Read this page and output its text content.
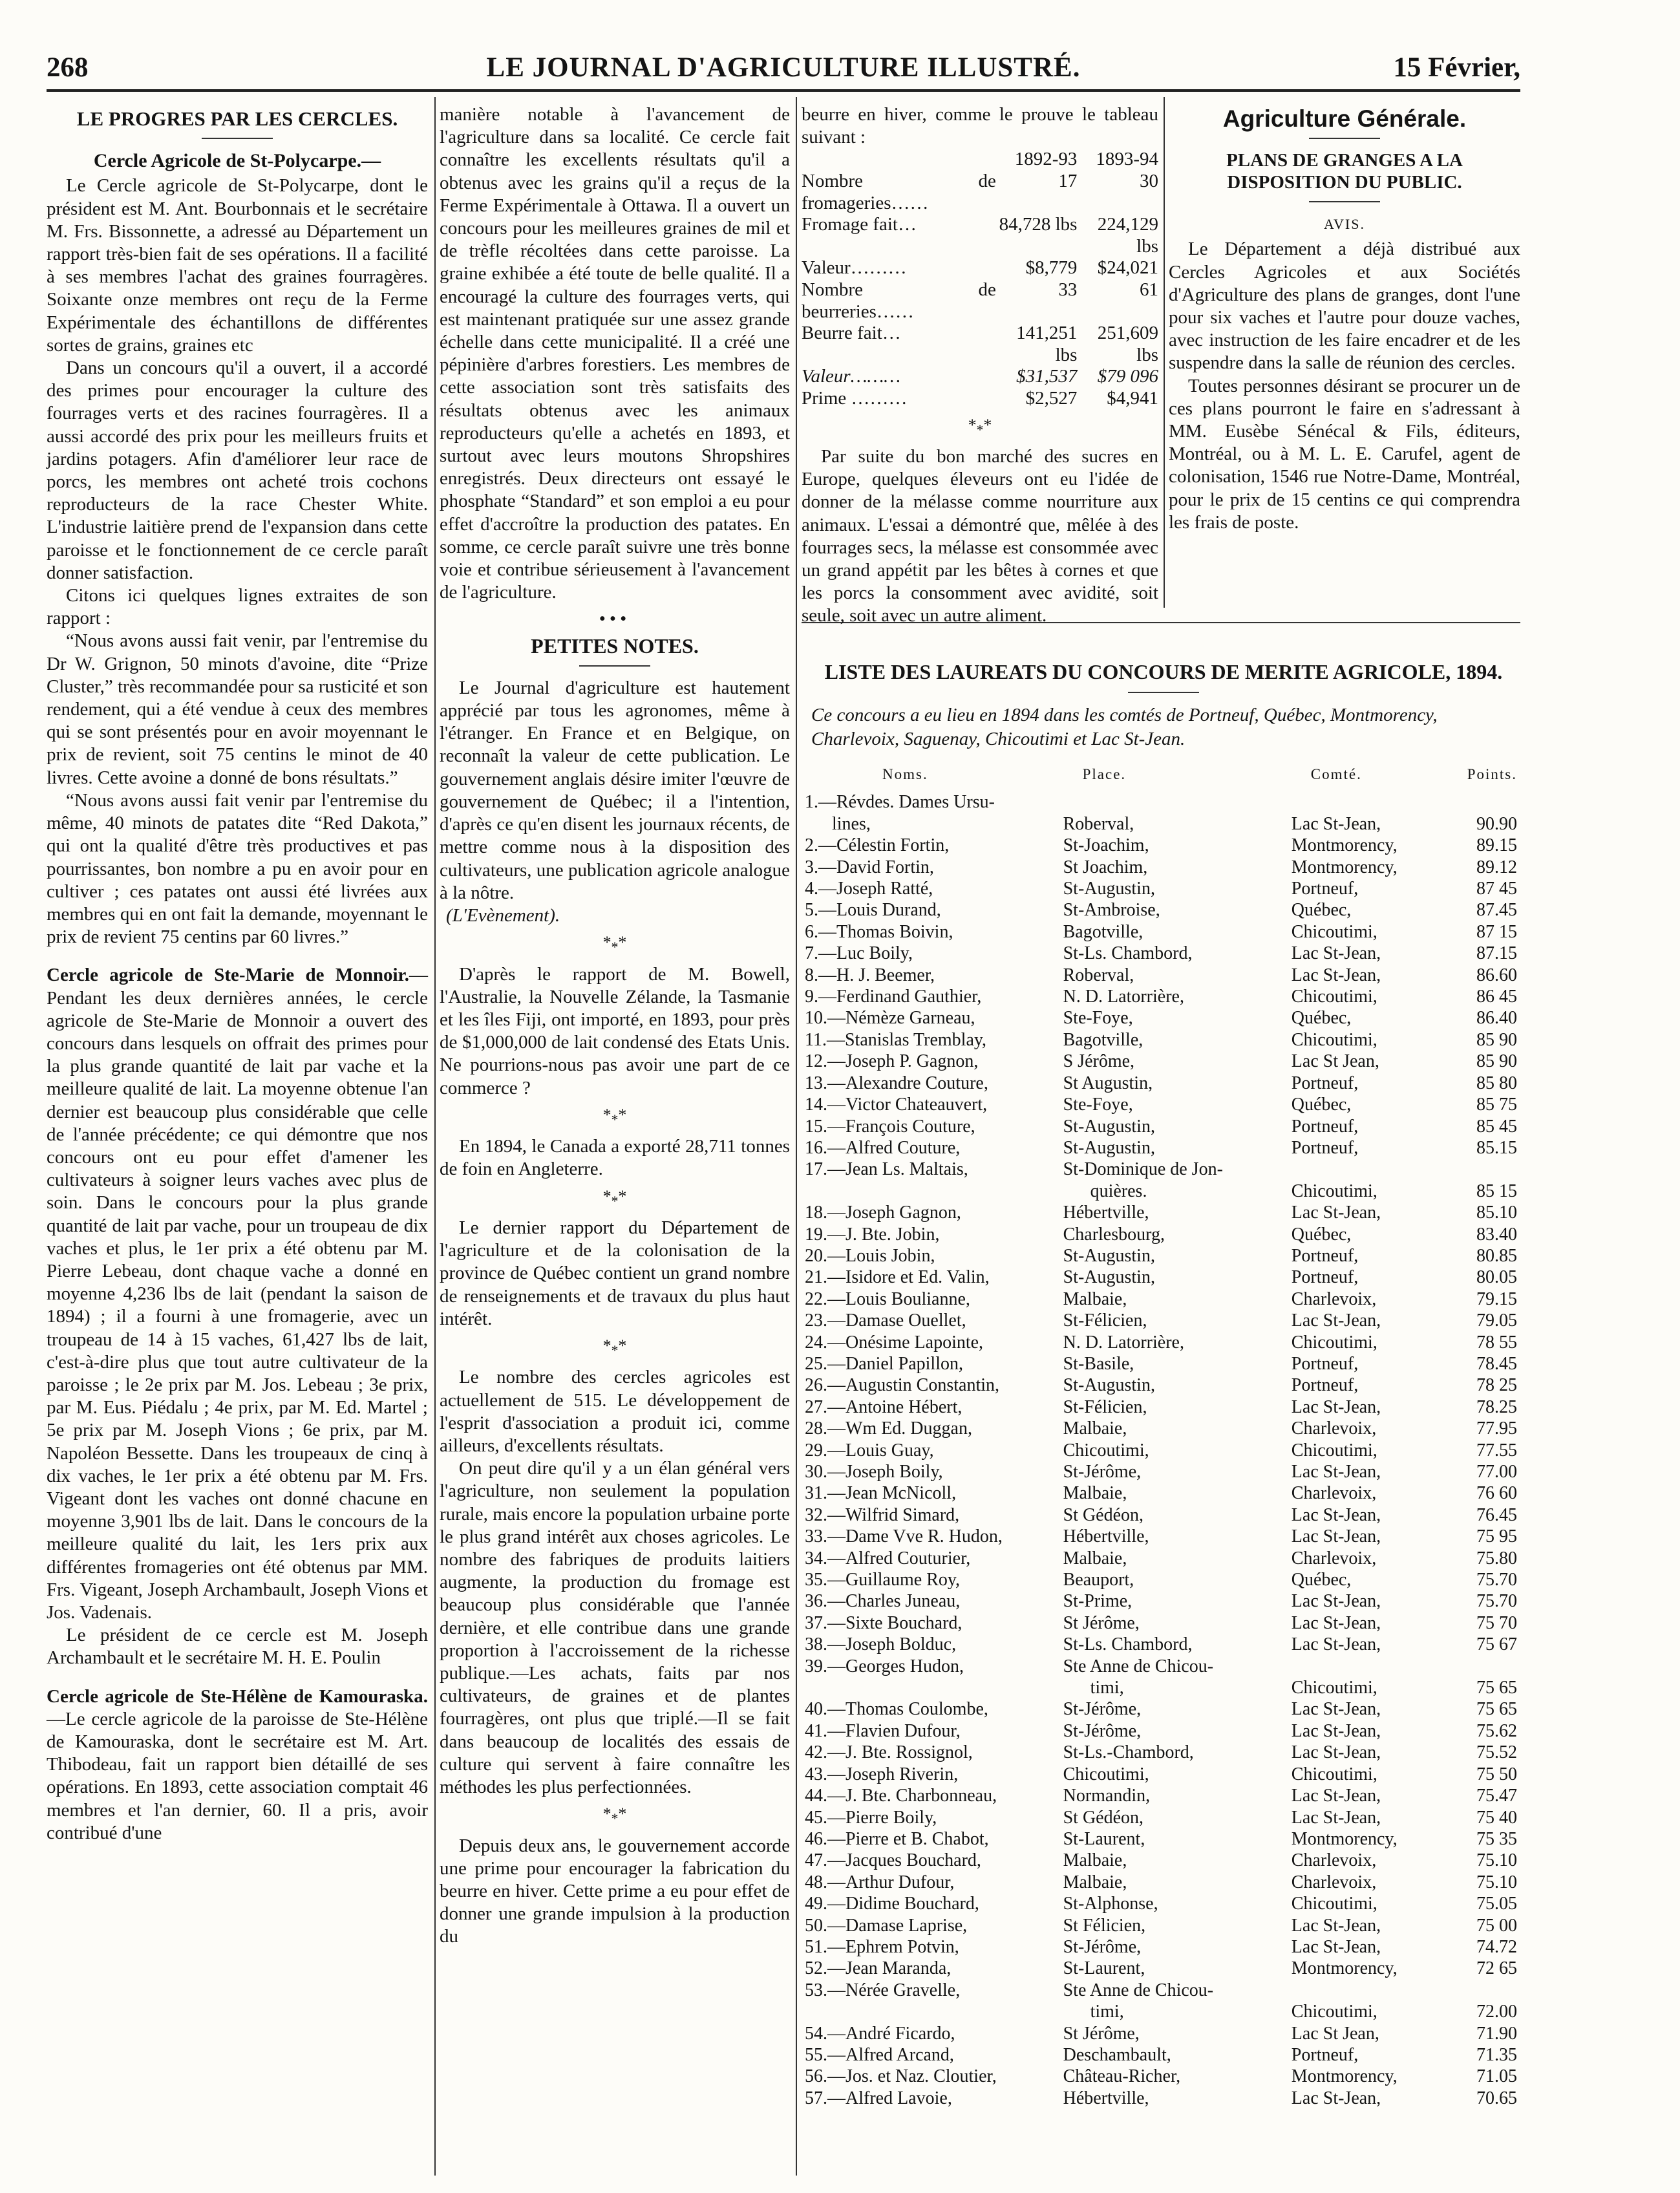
268	LE JOURNAL D'AGRICULTURE ILLUSTRÉ.	15 Février,
LE PROGRES PAR LES CERCLES.
Cercle Agricole de St-Polycarpe.—

Le Cercle agricole de St-Polycarpe, dont le président est M. Ant. Bourbonnais et le secrétaire M. Frs. Bissonnette, a adressé au Département un rapport très-bien fait de ses opérations. Il a facilité à ses membres l'achat des graines fourragères. Soixante onze membres ont reçu de la Ferme Expérimentale des échantillons de différentes sortes de grains, graines etc

Dans un concours qu'il a ouvert, il a accordé des primes pour encourager la culture des fourrages verts et des racines fourragères. Il a aussi accordé des prix pour les meilleurs fruits et jardins potagers. Afin d'améliorer leur race de porcs, les membres ont acheté trois cochons reproducteurs de la race Chester White. L'industrie laitière prend de l'expansion dans cette paroisse et le fonctionnement de ce cercle paraît donner satisfaction.

Citons ici quelques lignes extraites de son rapport :

“Nous avons aussi fait venir, par l'entremise du Dr W. Grignon, 50 minots d'avoine, dite “Prize Cluster,” très recommandée pour sa rusticité et son rendement, qui a été vendue à ceux des membres qui se sont présentés pour en avoir moyennant le prix de revient, soit 75 centins le minot de 40 livres. Cette avoine a donné de bons résultats.”

“Nous avons aussi fait venir par l'entremise du même, 40 minots de patates dite “Red Dakota,” qui ont la qualité d'être très productives et pas pourrissantes, bon nombre a pu en avoir pour en cultiver ; ces patates ont aussi été livrées aux membres qui en ont fait la demande, moyennant le prix de revient 75 centins par 60 livres.”

Cercle agricole de Ste-Marie de Monnoir.—Pendant les deux dernières années, le cercle agricole de Ste-Marie de Monnoir a ouvert des concours dans lesquels on offrait des primes pour la plus grande quantité de lait par vache et la meilleure qualité de lait. La moyenne obtenue l'an dernier est beaucoup plus considérable que celle de l'année précédente; ce qui démontre que nos concours ont eu pour effet d'amener les cultivateurs à soigner leurs vaches avec plus de soin. Dans le concours pour la plus grande quantité de lait par vache, pour un troupeau de dix vaches et plus, le 1er prix a été obtenu par M. Pierre Lebeau, dont chaque vache a donné en moyenne 4,236 lbs de lait (pendant la saison de 1894) ; il a fourni à une fromagerie, avec un troupeau de 14 à 15 vaches, 61,427 lbs de lait, c'est-à-dire plus que tout autre cultivateur de la paroisse ; le 2e prix par M. Jos. Lebeau ; 3e prix, par M. Eus. Piédalu ; 4e prix, par M. Ed. Martel ; 5e prix par M. Joseph Vions ; 6e prix, par M. Napoléon Bessette. Dans les troupeaux de cinq à dix vaches, le 1er prix a été obtenu par M. Frs. Vigeant dont les vaches ont donné chacune en moyenne 3,901 lbs de lait. Dans le concours de la meilleure qualité du lait, les 1ers prix aux différentes fromageries ont été obtenus par MM. Frs. Vigeant, Joseph Archambault, Joseph Vions et Jos. Vadenais.

Le président de ce cercle est M. Joseph Archambault et le secrétaire M. H. E. Poulin

Cercle agricole de Ste-Hélène de Kamouraska.—Le cercle agricole de la paroisse de Ste-Hélène de Kamouraska, dont le secrétaire est M. Art. Thibodeau, fait un rapport bien détaillé de ses opérations. En 1893, cette association comptait 46 membres et l'an dernier, 60. Il a pris, avoir contribué d'une

manière notable à l'avancement de l'agriculture dans sa localité. Ce cercle fait connaître les excellents résultats qu'il a obtenus avec les grains qu'il a reçus de la Ferme Expérimentale à Ottawa. Il a ouvert un concours pour les meilleures graines de mil et de trèfle récoltées dans cette paroisse. La graine exhibée a été toute de belle qualité. Il a encouragé la culture des fourrages verts, qui est maintenant pratiquée sur une assez grande échelle dans cette municipalité. Il a créé une pépinière d'arbres forestiers. Les membres de cette association sont très satisfaits des résultats obtenus avec les animaux reproducteurs qu'elle a achetés en 1893, et surtout avec leurs moutons Shropshires enregistrés. Deux directeurs ont essayé le phosphate “Standard” et son emploi a eu pour effet d'accroître la production des patates. En somme, ce cercle paraît suivre une très bonne voie et contribue sérieusement à l'avancement de l'agriculture.

•••
PETITES NOTES.

Le Journal d'agriculture est hautement apprécié par tous les agronomes, même à l'étranger. En France et en Belgique, on reconnaît la valeur de cette publication. Le gouvernement anglais désire imiter l'œuvre de gouvernement de Québec; il a l'intention, d'après ce qu'en disent les journaux récents, de mettre comme nous à la disposition des cultivateurs, une publication agricole analogue à la nôtre.

(L'Evènement).

$*_**$

D'après le rapport de M. Bowell, l'Australie, la Nouvelle Zélande, la Tasmanie et les îles Fiji, ont importé, en 1893, pour près de $1,000,000 de lait condensé des Etats Unis. Ne pourrions-nous pas avoir une part de ce commerce ?

$*_**$

En 1894, le Canada a exporté 28,711 tonnes de foin en Angleterre.

$*_**$

Le dernier rapport du Département de l'agriculture et de la colonisation de la province de Québec contient un grand nombre de renseignements et de travaux du plus haut intérêt.

$*_**$

Le nombre des cercles agricoles est actuellement de 515. Le développement de l'esprit d'association a produit ici, comme ailleurs, d'excellents résultats.

On peut dire qu'il y a un élan général vers l'agriculture, non seulement la population rurale, mais encore la population urbaine porte le plus grand intérêt aux choses agricoles. Le nombre des fabriques de produits laitiers augmente, la production du fromage est beaucoup plus considérable que l'année dernière, et elle contribue dans une grande proportion à l'accroissement de la richesse publique.—Les achats, faits par nos cultivateurs, de graines et de plantes fourragères, ont plus que triplé.—Il se fait dans beaucoup de localités des essais de culture qui servent à faire connaître les méthodes les plus perfectionnées.

$*_**$

Depuis deux ans, le gouvernement accorde une prime pour encourager la fabrication du beurre en hiver. Cette prime a eu pour effet de donner une grande impulsion à la production du

beurre en hiver, comme le prouve le tableau suivant :

	1892-93	1893-94
Nombre de fromageries……	17	30
Fromage fait…	84,728 lbs	224,129 lbs
Valeur………	$8,779	$24,021
Nombre de beurreries……	33	61
Beurre fait…	141,251 lbs	251,609 lbs
Valeur………	$31,537	$79 096
Prime ………	$2,527	$4,941
$*_**$

Par suite du bon marché des sucres en Europe, quelques éleveurs ont eu l'idée de donner de la mélasse comme nourriture aux animaux. L'essai a démontré que, mêlée à des fourrages secs, la mélasse est consommée avec un grand appétit par les bêtes à cornes et que les porcs la consomment avec avidité, soit seule, soit avec un autre aliment.

Agriculture Générale.
PLANS DE GRANGES A LA DISPOSITION DU PUBLIC.
AVIS.

Le Département a déjà distribué aux Cercles Agricoles et aux Sociétés d'Agriculture des plans de granges, dont l'une pour six vaches et l'autre pour douze vaches, avec instruction de les faire encadrer et de les suspendre dans la salle de réunion des cercles.

Toutes personnes désirant se procurer un de ces plans pourront le faire en s'adressant à MM. Eusèbe Sénécal & Fils, éditeurs, Montréal, ou à M. L. E. Carufel, agent de colonisation, 1546 rue Notre-Dame, Montréal, pour le prix de 15 centins ce qui comprendra les frais de poste.

LISTE DES LAUREATS DU CONCOURS DE MERITE AGRICOLE, 1894.
Ce concours a eu lieu en 1894 dans les comtés de Portneuf, Québec, Montmorency, Charlevoix, Saguenay, Chicoutimi et Lac St-Jean.
Noms.	Place.	Comté.	Points.
1.—Révdes. Dames Ursu-			
lines,	Roberval,	Lac St-Jean,	90.90
2.—Célestin Fortin,	St-Joachim,	Montmorency,	89.15
3.—David Fortin,	St Joachim,	Montmorency,	89.12
4.—Joseph Ratté,	St-Augustin,	Portneuf,	87 45
5.—Louis Durand,	St-Ambroise,	Québec,	87.45
6.—Thomas Boivin,	Bagotville,	Chicoutimi,	87 15
7.—Luc Boily,	St-Ls. Chambord,	Lac St-Jean,	87.15
8.—H. J. Beemer,	Roberval,	Lac St-Jean,	86.60
9.—Ferdinand Gauthier,	N. D. Latorrière,	Chicoutimi,	86 45
10.—Némèze Garneau,	Ste-Foye,	Québec,	86.40
11.—Stanislas Tremblay,	Bagotville,	Chicoutimi,	85 90
12.—Joseph P. Gagnon,	S Jérôme,	Lac St Jean,	85 90
13.—Alexandre Couture,	St Augustin,	Portneuf,	85 80
14.—Victor Chateauvert,	Ste-Foye,	Québec,	85 75
15.—François Couture,	St-Augustin,	Portneuf,	85 45
16.—Alfred Couture,	St-Augustin,	Portneuf,	85.15
17.—Jean Ls. Maltais,	St-Dominique de Jon-		
	quières.	Chicoutimi,	85 15
18.—Joseph Gagnon,	Hébertville,	Lac St-Jean,	85.10
19.—J. Bte. Jobin,	Charlesbourg,	Québec,	83.40
20.—Louis Jobin,	St-Augustin,	Portneuf,	80.85
21.—Isidore et Ed. Valin,	St-Augustin,	Portneuf,	80.05
22.—Louis Boulianne,	Malbaie,	Charlevoix,	79.15
23.—Damase Ouellet,	St-Félicien,	Lac St-Jean,	79.05
24.—Onésime Lapointe,	N. D. Latorrière,	Chicoutimi,	78 55
25.—Daniel Papillon,	St-Basile,	Portneuf,	78.45
26.—Augustin Constantin,	St-Augustin,	Portneuf,	78 25
27.—Antoine Hébert,	St-Félicien,	Lac St-Jean,	78.25
28.—Wm Ed. Duggan,	Malbaie,	Charlevoix,	77.95
29.—Louis Guay,	Chicoutimi,	Chicoutimi,	77.55
30.—Joseph Boily,	St-Jérôme,	Lac St-Jean,	77.00
31.—Jean McNicoll,	Malbaie,	Charlevoix,	76 60
32.—Wilfrid Simard,	St Gédéon,	Lac St-Jean,	76.45
33.—Dame Vve R. Hudon,	Hébertville,	Lac St-Jean,	75 95
34.—Alfred Couturier,	Malbaie,	Charlevoix,	75.80
35.—Guillaume Roy,	Beauport,	Québec,	75.70
36.—Charles Juneau,	St-Prime,	Lac St-Jean,	75.70
37.—Sixte Bouchard,	St Jérôme,	Lac St-Jean,	75 70
38.—Joseph Bolduc,	St-Ls. Chambord,	Lac St-Jean,	75 67
39.—Georges Hudon,	Ste Anne de Chicou-		
	timi,	Chicoutimi,	75 65
40.—Thomas Coulombe,	St-Jérôme,	Lac St-Jean,	75 65
41.—Flavien Dufour,	St-Jérôme,	Lac St-Jean,	75.62
42.—J. Bte. Rossignol,	St-Ls.-Chambord,	Lac St-Jean,	75.52
43.—Joseph Riverin,	Chicoutimi,	Chicoutimi,	75 50
44.—J. Bte. Charbonneau,	Normandin,	Lac St-Jean,	75.47
45.—Pierre Boily,	St Gédéon,	Lac St-Jean,	75 40
46.—Pierre et B. Chabot,	St-Laurent,	Montmorency,	75 35
47.—Jacques Bouchard,	Malbaie,	Charlevoix,	75.10
48.—Arthur Dufour,	Malbaie,	Charlevoix,	75.10
49.—Didime Bouchard,	St-Alphonse,	Chicoutimi,	75.05
50.—Damase Laprise,	St Félicien,	Lac St-Jean,	75 00
51.—Ephrem Potvin,	St-Jérôme,	Lac St-Jean,	74.72
52.—Jean Maranda,	St-Laurent,	Montmorency,	72 65
53.—Nérée Gravelle,	Ste Anne de Chicou-		
	timi,	Chicoutimi,	72.00
54.—André Ficardo,	St Jérôme,	Lac St Jean,	71.90
55.—Alfred Arcand,	Deschambault,	Portneuf,	71.35
56.—Jos. et Naz. Cloutier,	Château-Richer,	Montmorency,	71.05
57.—Alfred Lavoie,	Hébertville,	Lac St-Jean,	70.65
